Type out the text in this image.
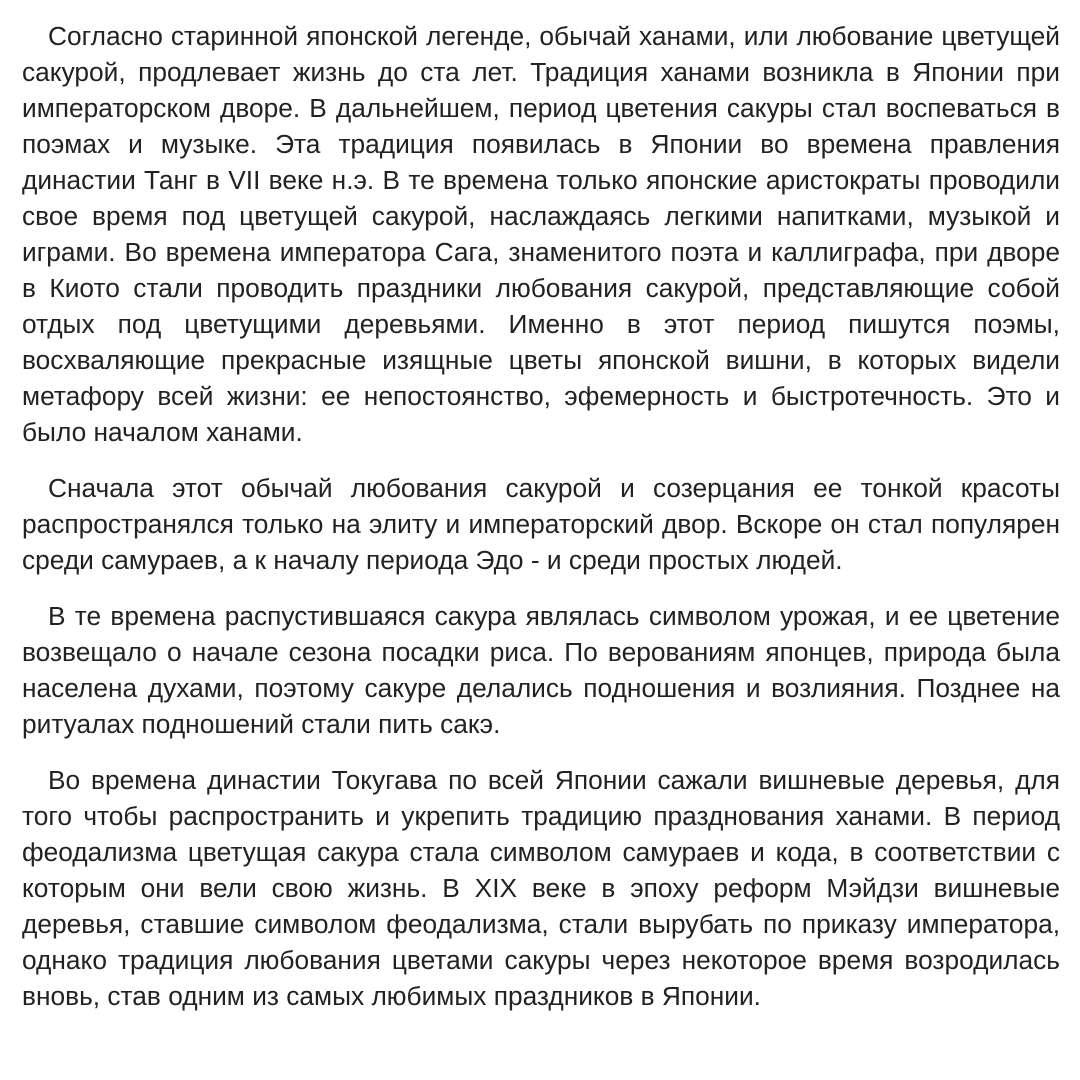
Согласно старинной японской легенде, обычай ханами, или любование цветущей сакурой, продлевает жизнь до ста лет. Традиция ханами возникла в Японии при императорском дворе. В дальнейшем, период цветения сакуры стал воспеваться в поэмах и музыке. Эта традиция появилась в Японии во времена правления династии Танг в VII веке н.э. В те времена только японские аристократы проводили свое время под цветущей сакурой, наслаждаясь легкими напитками, музыкой и играми. Во времена императора Сага, знаменитого поэта и каллиграфа, при дворе в Киото стали проводить праздники любования сакурой, представляющие собой отдых под цветущими деревьями. Именно в этот период пишутся поэмы, восхваляющие прекрасные изящные цветы японской вишни, в которых видели метафору всей жизни: ее непостоянство, эфемерность и быстротечность. Это и было началом ханами.

Сначала этот обычай любования сакурой и созерцания ее тонкой красоты распространялся только на элиту и императорский двор. Вскоре он стал популярен среди самураев, а к началу периода Эдо - и среди простых людей.

В те времена распустившаяся сакура являлась символом урожая, и ее цветение возвещало о начале сезона посадки риса. По верованиям японцев, природа была населена духами, поэтому сакуре делались подношения и возлияния. Позднее на ритуалах подношений стали пить сакэ.

Во времена династии Токугава по всей Японии сажали вишневые деревья, для того чтобы распространить и укрепить традицию празднования ханами. В период феодализма цветущая сакура стала символом самураев и кода, в соответствии с которым они вели свою жизнь. В XIX веке в эпоху реформ Мэйдзи вишневые деревья, ставшие символом феодализма, стали вырубать по приказу императора, однако традиция любования цветами сакуры через некоторое время возродилась вновь, став одним из самых любимых праздников в Японии.
